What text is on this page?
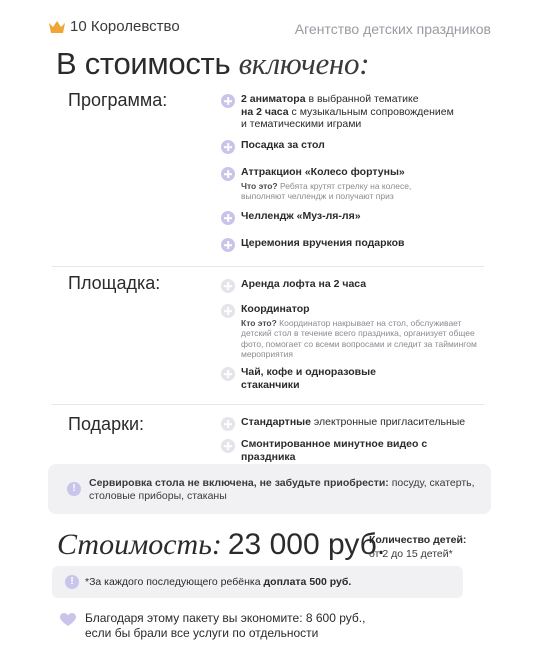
10 Королевство	Агентство детских праздников
В стоимость включено:
Программа:	2 аниматора в выбранной тематике
на 2 часа с музыкальным сопровождением
и тематическими играми
Посадка за стол
Аттракцион «Колесо фортуны»
Что это? Ребята крутят стрелку на колесе, выполняют челлендж и получают приз
Челлендж «Муз-ля-ля»
Церемония вручения подарков
Площадка:	Аренда лофта на 2 часа
Координатор
Кто это? Координатор накрывает на стол, обслуживает детский стол в течение всего праздника, организует общее фото, помогает со всеми вопросами и следит за таймингом мероприятия
Чай, кофе и одноразовые стаканчики
Подарки:	Стандартные электронные пригласительные
Смонтированное минутное видео с праздника
!	Сервировка стола не включена, не забудьте приобрести: посуду, скатерть, столовые приборы, стаканы
Стоимость: 23 000 руб.
Количество детей:
от 2 до 15 детей*
!	*За каждого последующего ребёнка доплата 500 руб.
Благодаря этому пакету вы экономите: 8 600 руб.,
если бы брали все услуги по отдельности
